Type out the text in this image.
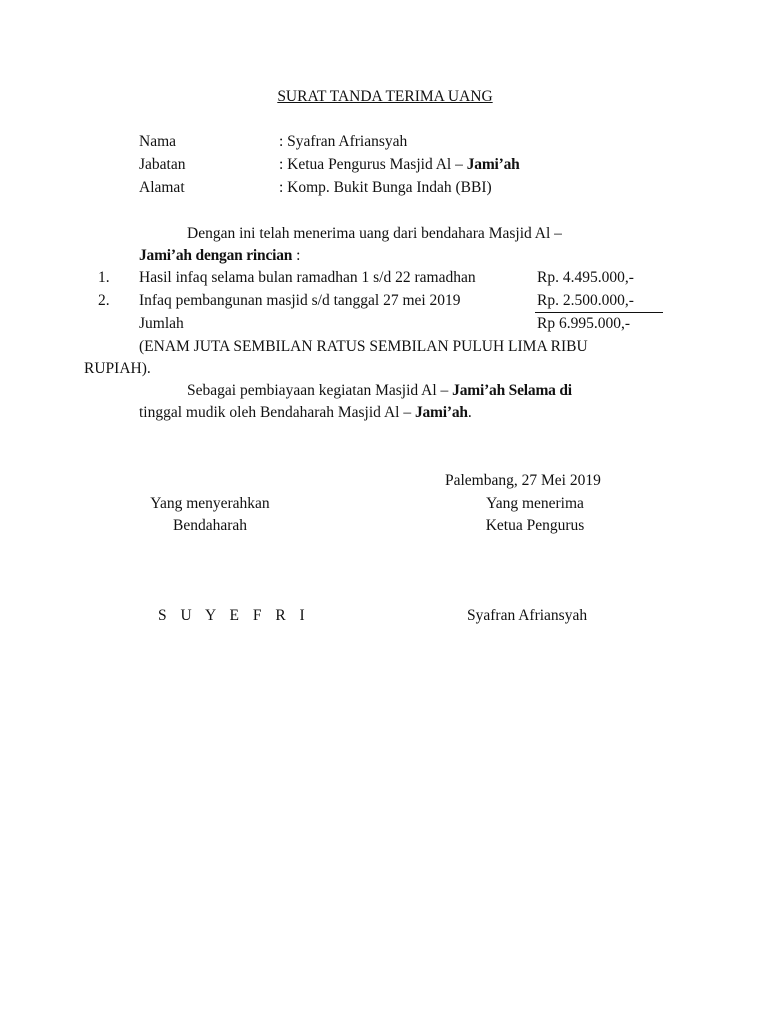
SURAT TANDA TERIMA UANG
Nama	: Syafran Afriansyah
Jabatan	: Ketua Pengurus Masjid Al – Jami’ah
Alamat	: Komp. Bukit Bunga Indah (BBI)
Dengan ini telah menerima uang dari bendahara Masjid Al –
Jami’ah dengan rincian :
1. Hasil infaq selama bulan ramadhan 1 s/d 22 ramadhan	Rp. 4.495.000,-
2. Infaq pembangunan masjid s/d tanggal 27 mei 2019	Rp. 2.500.000,-
Jumlah	Rp 6.995.000,-
(ENAM JUTA SEMBILAN RATUS SEMBILAN PULUH LIMA RIBU
RUPIAH).
Sebagai pembiayaan kegiatan Masjid Al – Jami’ah Selama di
tinggal mudik oleh Bendaharah Masjid Al – Jami’ah.
Palembang, 27 Mei 2019
Yang menyerahkan
Bendaharah
Yang menerima
Ketua Pengurus
S U Y E F R I	Syafran Afriansyah
